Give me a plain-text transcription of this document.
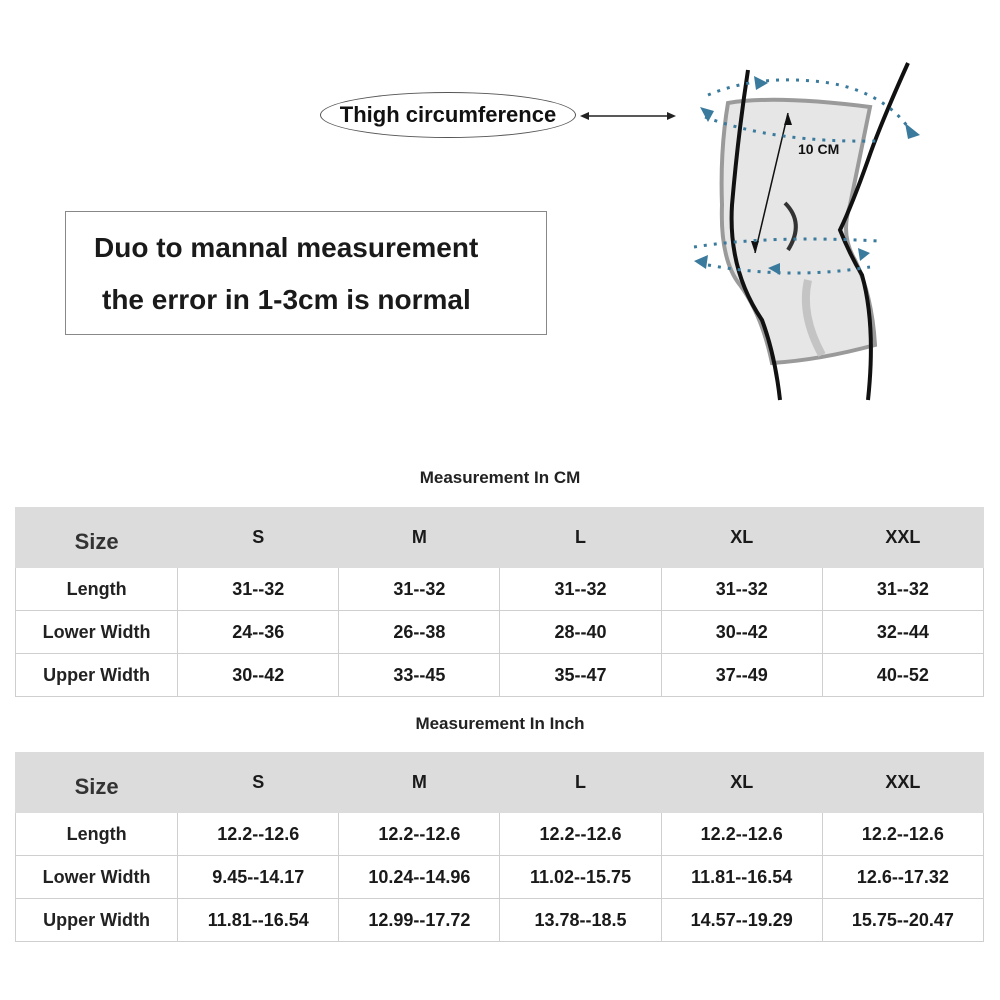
Thigh circumference
Duo to mannal measurement
the error in 1-3cm is normal
10 CM
Measurement In CM
Size	S	M	L	XL	XXL
Length	31--32	31--32	31--32	31--32	31--32
Lower Width	24--36	26--38	28--40	30--42	32--44
Upper Width	30--42	33--45	35--47	37--49	40--52
Measurement In Inch
Size	S	M	L	XL	XXL
Length	12.2--12.6	12.2--12.6	12.2--12.6	12.2--12.6	12.2--12.6
Lower Width	9.45--14.17	10.24--14.96	11.02--15.75	11.81--16.54	12.6--17.32
Upper Width	11.81--16.54	12.99--17.72	13.78--18.5	14.57--19.29	15.75--20.47
